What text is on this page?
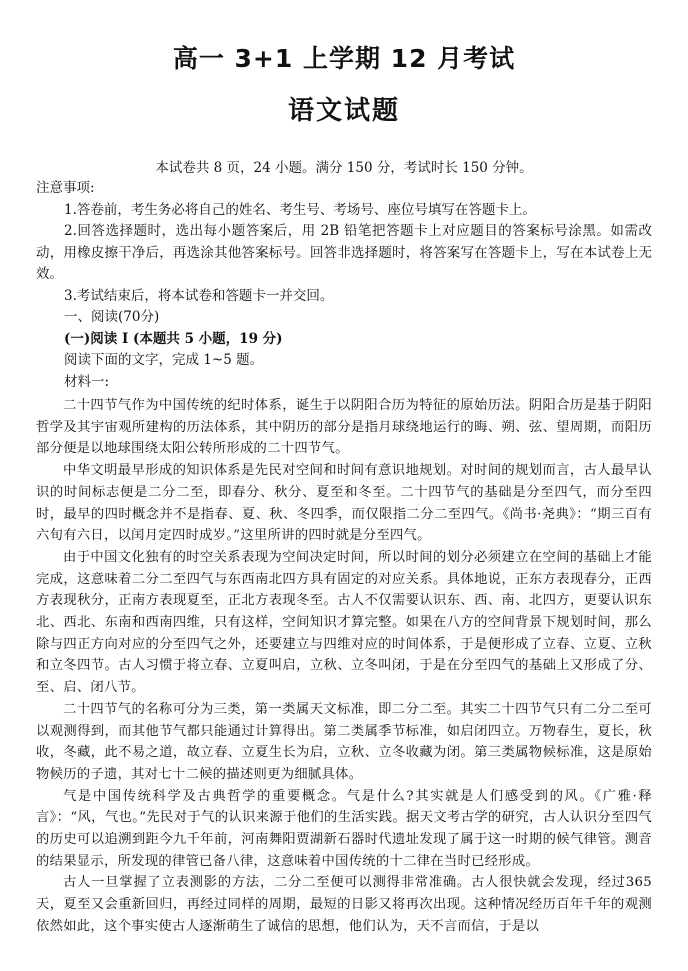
高一 3+1 上学期 12 月考试
语文试题

本试卷共 8 页，24 小题。满分 150 分，考试时长 150 分钟。

注意事项:

1.答卷前，考生务必将自己的姓名、考生号、考场号、座位号填写在答题卡上。

2.回答选择题时，选出每小题答案后，用 2B 铅笔把答题卡上对应题目的答案标号涂黑。如需改动，用橡皮擦干净后，再选涂其他答案标号。回答非选择题时，将答案写在答题卡上，写在本试卷上无效。

3.考试结束后，将本试卷和答题卡一并交回。

一、阅读(70分)

(一)阅读 I (本题共 5 小题，19 分)

阅读下面的文字，完成 1~5 题。

材料一:

二十四节气作为中国传统的纪时体系，诞生于以阴阳合历为特征的原始历法。阴阳合历是基于阴阳哲学及其宇宙观所建构的历法体系，其中阴历的部分是指月球绕地运行的晦、朔、弦、望周期，而阳历部分便是以地球围绕太阳公转所形成的二十四节气。

中华文明最早形成的知识体系是先民对空间和时间有意识地规划。对时间的规划而言，古人最早认识的时间标志便是二分二至，即春分、秋分、夏至和冬至。二十四节气的基础是分至四气，而分至四时，最早的四时概念并不是指春、夏、秋、冬四季，而仅限指二分二至四气。《尚书·尧典》：“期三百有六旬有六日，以闰月定四时成岁。”这里所讲的四时就是分至四气。

由于中国文化独有的时空关系表现为空间决定时间，所以时间的划分必须建立在空间的基础上才能完成，这意味着二分二至四气与东西南北四方具有固定的对应关系。具体地说，正东方表现春分，正西方表现秋分，正南方表现夏至，正北方表现冬至。古人不仅需要认识东、西、南、北四方，更要认识东北、西北、东南和西南四维，只有这样，空间知识才算完整。如果在八方的空间背景下规划时间，那么除与四正方向对应的分至四气之外，还要建立与四维对应的时间体系，于是便形成了立春、立夏、立秋和立冬四节。古人习惯于将立春、立夏叫启，立秋、立冬叫闭，于是在分至四气的基础上又形成了分、至、启、闭八节。

二十四节气的名称可分为三类，第一类属天文标准，即二分二至。其实二十四节气只有二分二至可以观测得到，而其他节气都只能通过计算得出。第二类属季节标准，如启闭四立。万物春生，夏长，秋收，冬藏，此不易之道，故立春、立夏生长为启，立秋、立冬收藏为闭。第三类属物候标准，这是原始物候历的子遗，其对七十二候的描述则更为细腻具体。

气是中国传统科学及古典哲学的重要概念。气是什么?其实就是人们感受到的风。《广雅·释言》：“风，气也。”先民对于气的认识来源于他们的生活实践。据天文考古学的研究，古人认识分至四气的历史可以追溯到距今九千年前，河南舞阳贾湖新石器时代遗址发现了属于这一时期的候气律管。测音的结果显示，所发现的律管已备八律，这意味着中国传统的十二律在当时已经形成。

古人一旦掌握了立表测影的方法，二分二至便可以测得非常准确。古人很快就会发现，经过365 天，夏至又会重新回归，再经过同样的周期，最短的日影又将再次出现。这种情况经历百年千年的观测依然如此，这个事实使古人逐渐萌生了诚信的思想，他们认为，天不言而信，于是以
